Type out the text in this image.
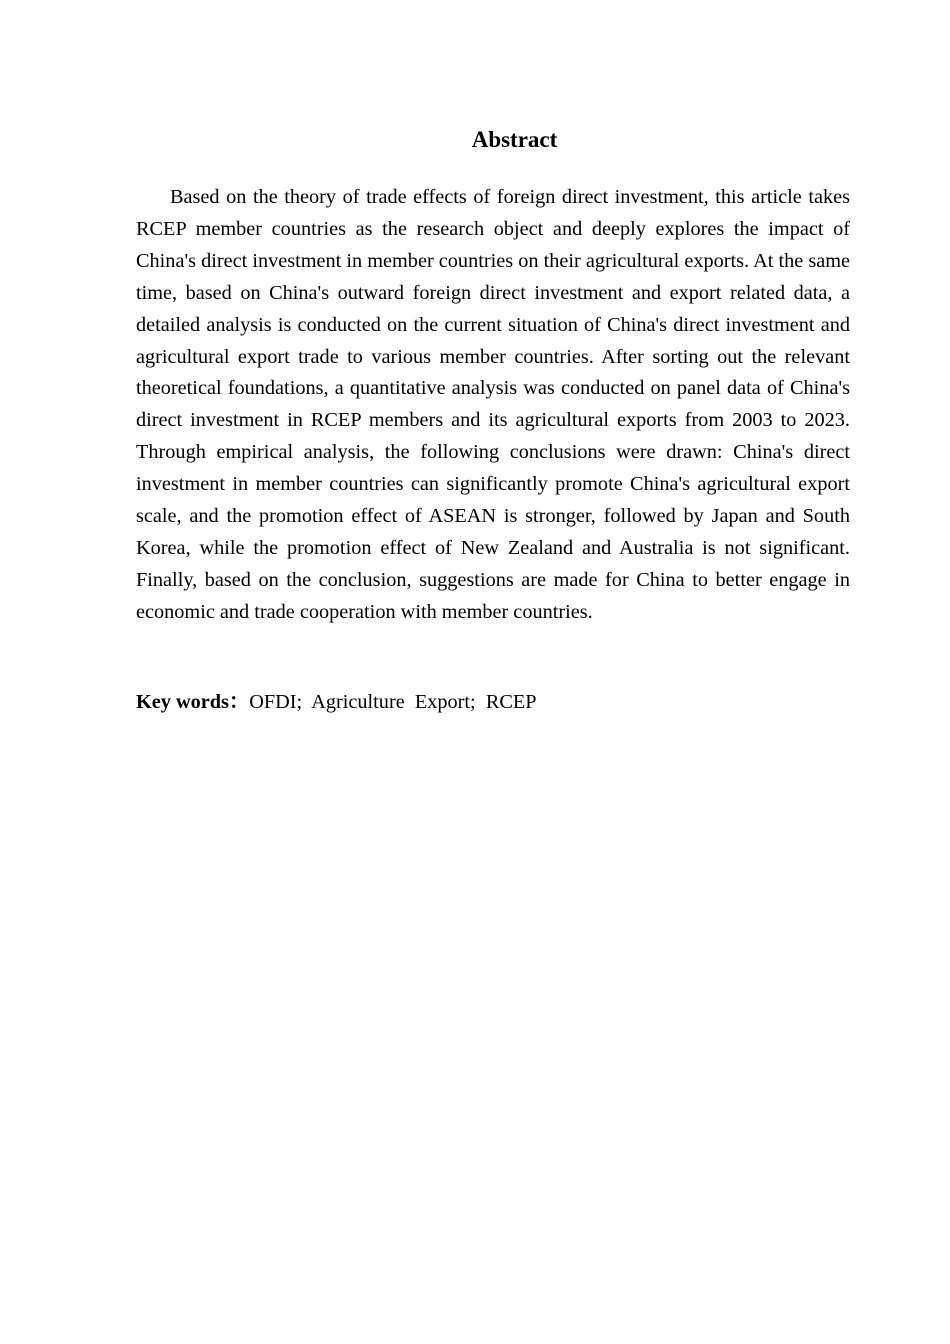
Abstract

Based on the theory of trade effects of foreign direct investment, this article takes RCEP member countries as the research object and deeply explores the impact of China's direct investment in member countries on their agricultural exports. At the same time, based on China's outward foreign direct investment and export related data, a detailed analysis is conducted on the current situation of China's direct investment and agricultural export trade to various member countries. After sorting out the relevant theoretical foundations, a quantitative analysis was conducted on panel data of China's direct investment in RCEP members and its agricultural exports from 2003 to 2023. Through empirical analysis, the following conclusions were drawn: China's direct investment in member countries can significantly promote China's agricultural export scale, and the promotion effect of ASEAN is stronger, followed by Japan and South Korea, while the promotion effect of New Zealand and Australia is not significant. Finally, based on the conclusion, suggestions are made for China to better engage in economic and trade cooperation with member countries.

Key words：OFDI;  Agriculture  Export;  RCEP
